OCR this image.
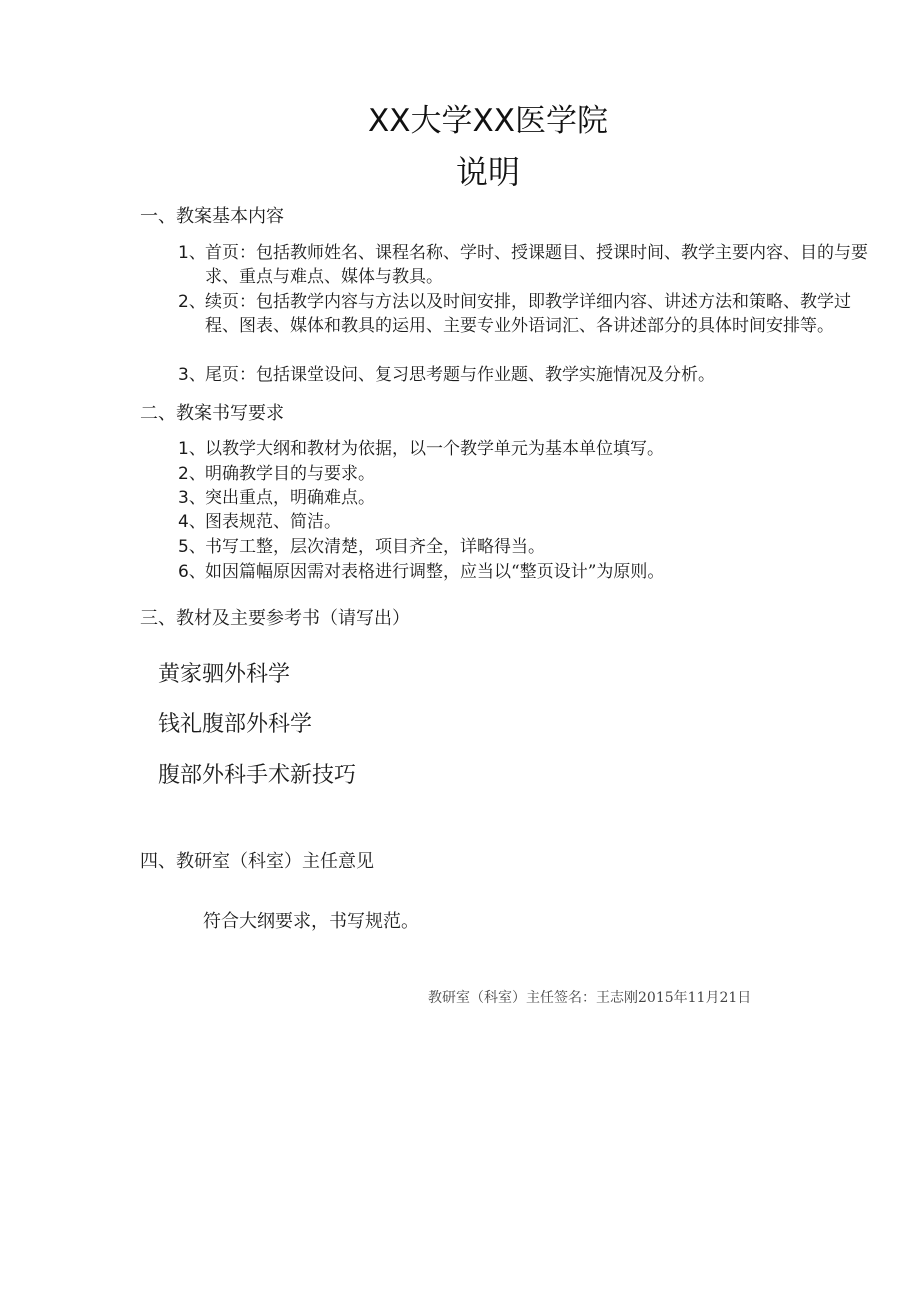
XX大学XX医学院
说明
一、教案基本内容
1、 首页：包括教师姓名、课程名称、学时、授课题目、授课时间、教学主要内容、目的与要求、重点与难点、媒体与教具。
2、 续页：包括教学内容与方法以及时间安排，即教学详细内容、讲述方法和策略、教学过程、图表、媒体和教具的运用、主要专业外语词汇、各讲述部分的具体时间安排等。
3、 尾页：包括课堂设问、复习思考题与作业题、教学实施情况及分析。
二、教案书写要求
1、 以教学大纲和教材为依据，以一个教学单元为基本单位填写。
2、 明确教学目的与要求。
3、 突出重点，明确难点。
4、 图表规范、简洁。
5、 书写工整，层次清楚，项目齐全，详略得当。
6、 如因篇幅原因需对表格进行调整，应当以“整页设计”为原则。
三、教材及主要参考书（请写出）
黄家驷外科学
钱礼腹部外科学
腹部外科手术新技巧
四、教研室（科室）主任意见
符合大纲要求，书写规范。
教研室（科室）主任签名：王志刚2015年11月21日
